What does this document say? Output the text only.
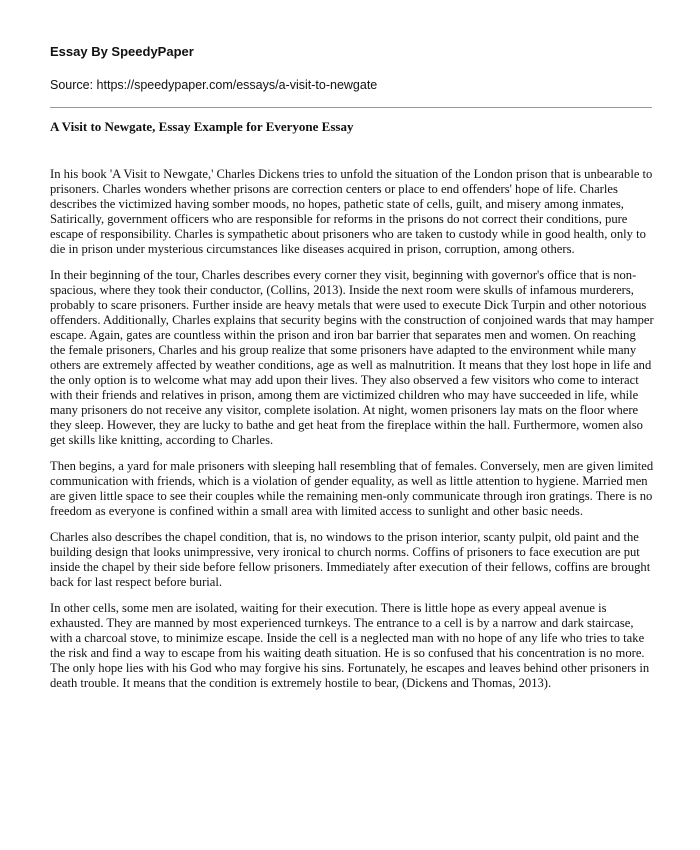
Essay By SpeedyPaper
Source: https://speedypaper.com/essays/a-visit-to-newgate
A Visit to Newgate, Essay Example for Everyone Essay

In his book 'A Visit to Newgate,' Charles Dickens tries to unfold the situation of the London prison that is unbearable to prisoners. Charles wonders whether prisons are correction centers or place to end offenders' hope of life. Charles describes the victimized having somber moods, no hopes, pathetic state of cells, guilt, and misery among inmates, Satirically, government officers who are responsible for reforms in the prisons do not correct their conditions, pure escape of responsibility. Charles is sympathetic about prisoners who are taken to custody while in good health, only to die in prison under mysterious circumstances like diseases acquired in prison, corruption, among others.

In their beginning of the tour, Charles describes every corner they visit, beginning with governor's office that is non-spacious, where they took their conductor, (Collins, 2013). Inside the next room were skulls of infamous murderers, probably to scare prisoners. Further inside are heavy metals that were used to execute Dick Turpin and other notorious offenders. Additionally, Charles explains that security begins with the construction of conjoined wards that may hamper escape. Again, gates are countless within the prison and iron bar barrier that separates men and women. On reaching the female prisoners, Charles and his group realize that some prisoners have adapted to the environment while many others are extremely affected by weather conditions, age as well as malnutrition. It means that they lost hope in life and the only option is to welcome what may add upon their lives. They also observed a few visitors who come to interact with their friends and relatives in prison, among them are victimized children who may have succeeded in life, while many prisoners do not receive any visitor, complete isolation. At night, women prisoners lay mats on the floor where they sleep. However, they are lucky to bathe and get heat from the fireplace within the hall. Furthermore, women also get skills like knitting, according to Charles.

Then begins, a yard for male prisoners with sleeping hall resembling that of females. Conversely, men are given limited communication with friends, which is a violation of gender equality, as well as little attention to hygiene. Married men are given little space to see their couples while the remaining men-only communicate through iron gratings. There is no freedom as everyone is confined within a small area with limited access to sunlight and other basic needs.

Charles also describes the chapel condition, that is, no windows to the prison interior, scanty pulpit, old paint and the building design that looks unimpressive, very ironical to church norms. Coffins of prisoners to face execution are put inside the chapel by their side before fellow prisoners. Immediately after execution of their fellows, coffins are brought back for last respect before burial.

In other cells, some men are isolated, waiting for their execution. There is little hope as every appeal avenue is exhausted. They are manned by most experienced turnkeys. The entrance to a cell is by a narrow and dark staircase, with a charcoal stove, to minimize escape. Inside the cell is a neglected man with no hope of any life who tries to take the risk and find a way to escape from his waiting death situation. He is so confused that his concentration is no more. The only hope lies with his God who may forgive his sins. Fortunately, he escapes and leaves behind other prisoners in death trouble. It means that the condition is extremely hostile to bear, (Dickens and Thomas, 2013).
